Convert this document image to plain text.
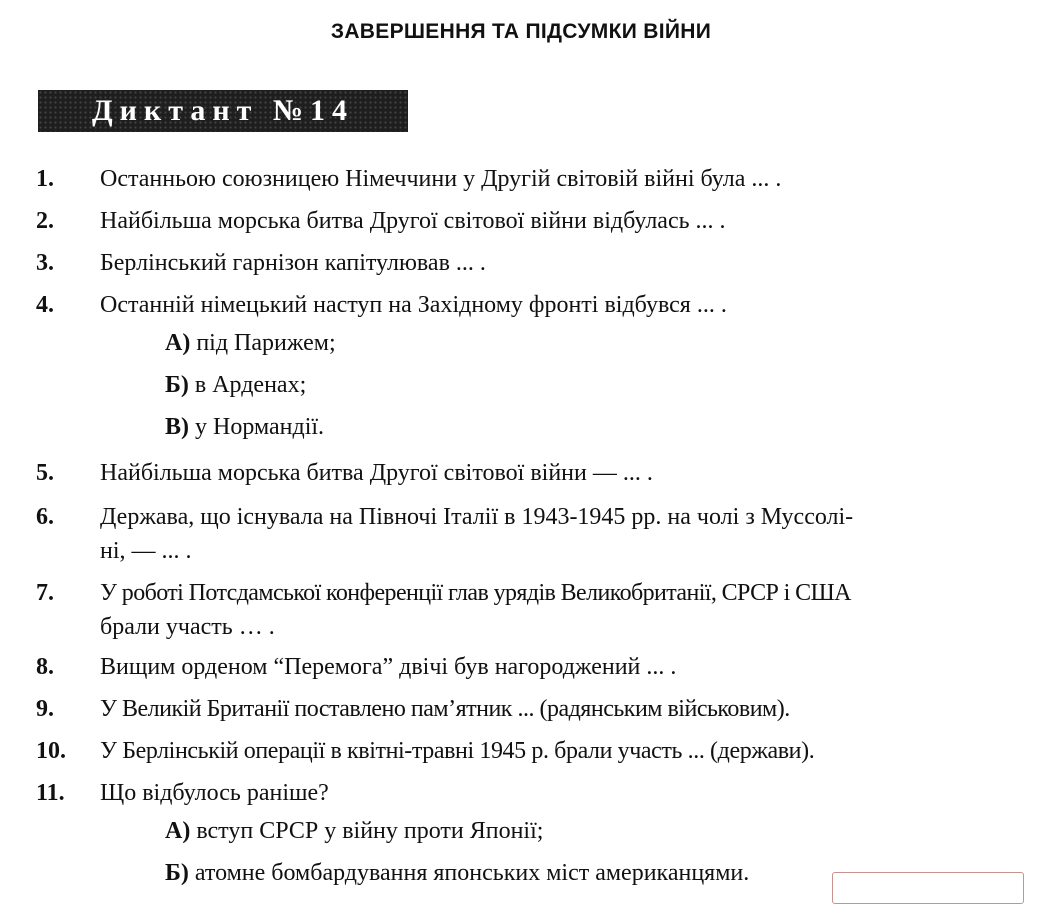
ЗАВЕРШЕННЯ ТА ПІДСУМКИ ВІЙНИ
Диктант №14
1. Останньою союзницею Німеччини у Другій світовій війні була ... .
2. Найбільша морська битва Другої світової війни відбулась ... .
3. Берлінський гарнізон капітулював ... .
4. Останній німецький наступ на Західному фронті відбувся ... .
А) під Парижем;
Б) в Арденах;
В) у Нормандії.
5. Найбільша морська битва Другої світової війни — ... .
6. Держава, що існувала на Півночі Італії в 1943-1945 рр. на чолі з Муссолі-
ні, — ... .
7. У роботі Потсдамської конференції глав урядів Великобританії, СРСР і США
брали участь … .
8. Вищим орденом “Перемога” двічі був нагороджений ... .
9. У Великій Британії поставлено пам’ятник ... (радянським військовим).
10. У Берлінській операції в квітні-травні 1945 р. брали участь ... (держави).
11. Що відбулось раніше?
А) вступ СРСР у війну проти Японії;
Б) атомне бомбардування японських міст американцями.
